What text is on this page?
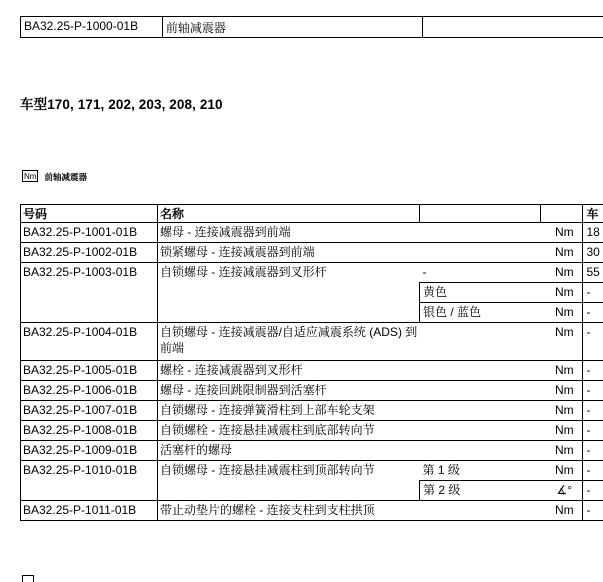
BA32.25-P-1000-01B	前轴减震器	
车型170, 171, 202, 203, 208, 210
Nm 前轴减震器
号码	名称			车
BA32.25-P-1001-01B	螺母 - 连接减震器到前端		Nm	18
BA32.25-P-1002-01B	锁紧螺母 - 连接减震器到前端		Nm	30
BA32.25-P-1003-01B	自锁螺母 - 连接减震器到叉形杆	-	Nm	55
		黄色	Nm	-
		银色 / 蓝色	Nm	-
BA32.25-P-1004-01B	自锁螺母 - 连接减震器/自适应减震系统 (ADS) 到前端		Nm	-
BA32.25-P-1005-01B	螺栓 - 连接减震器到叉形杆		Nm	-
BA32.25-P-1006-01B	螺母 - 连接回跳限制器到活塞杆		Nm	-
BA32.25-P-1007-01B	自锁螺母 - 连接弹簧滑柱到上部车轮支架		Nm	-
BA32.25-P-1008-01B	自锁螺栓 - 连接悬挂减震柱到底部转向节		Nm	-
BA32.25-P-1009-01B	活塞杆的螺母		Nm	-
BA32.25-P-1010-01B	自锁螺母 - 连接悬挂减震柱到顶部转向节	第 1 级	Nm	-
		第 2 级	∡°	-
BA32.25-P-1011-01B	带止动垫片的螺栓 - 连接支柱到支柱拱顶		Nm	-
